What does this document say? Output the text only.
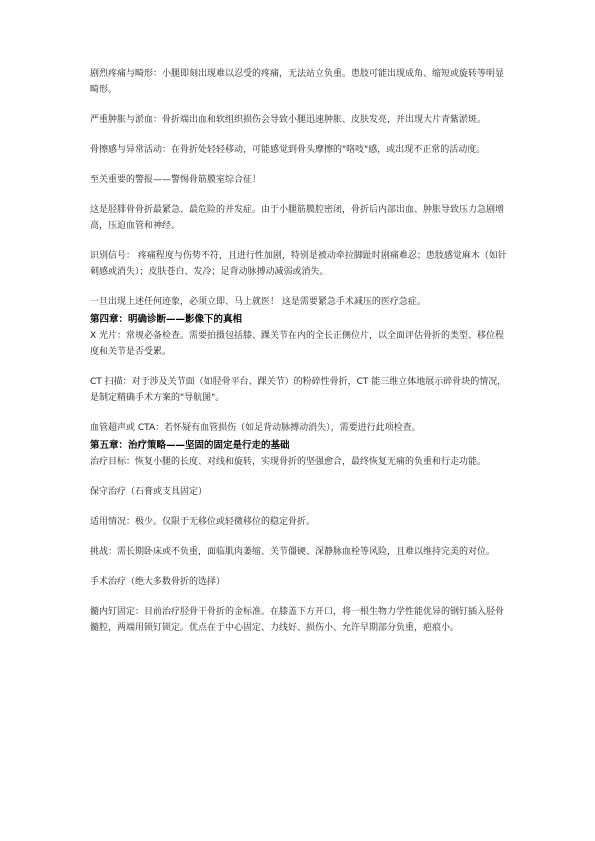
剧烈疼痛与畸形：小腿即刻出现难以忍受的疼痛，无法站立负重。患肢可能出现成角、缩短或旋转等明显畸形。

严重肿胀与淤血：骨折端出血和软组织损伤会导致小腿迅速肿胀、皮肤发亮，并出现大片青紫淤斑。

骨擦感与异常活动：在骨折处轻轻移动，可能感觉到骨头摩擦的"咯吱"感，或出现不正常的活动度。

至关重要的警报——警惕骨筋膜室综合征！

这是胫腓骨骨折最紧急、最危险的并发症。由于小腿筋膜腔密闭，骨折后内部出血、肿胀导致压力急剧增高，压迫血管和神经。

识别信号： 疼痛程度与伤势不符，且进行性加剧，特别是被动牵拉脚趾时剧痛难忍；患肢感觉麻木（如针刺感或消失）；皮肤苍白、发冷；足背动脉搏动减弱或消失。

一旦出现上述任何迹象，必须立即、马上就医！ 这是需要紧急手术减压的医疗急症。

第四章：明确诊断——影像下的真相

X 光片：常规必备检查。需要拍摄包括膝、踝关节在内的全长正侧位片，以全面评估骨折的类型、移位程度和关节是否受累。

CT 扫描：对于涉及关节面（如胫骨平台、踝关节）的粉碎性骨折，CT 能三维立体地展示碎骨块的情况，是制定精确手术方案的"导航图"。

血管超声或 CTA：若怀疑有血管损伤（如足背动脉搏动消失），需要进行此项检查。

第五章：治疗策略——坚固的固定是行走的基础

治疗目标：恢复小腿的长度、对线和旋转，实现骨折的坚强愈合，最终恢复无痛的负重和行走功能。

保守治疗（石膏或支具固定）

适用情况：极少。仅限于无移位或轻微移位的稳定骨折。

挑战：需长期卧床或不负重，面临肌肉萎缩、关节僵硬、深静脉血栓等风险，且难以维持完美的对位。

手术治疗（绝大多数骨折的选择）

髓内钉固定：目前治疗胫骨干骨折的金标准。在膝盖下方开口，将一根生物力学性能优异的钢钉插入胫骨髓腔，两端用锁钉锁定。优点在于中心固定、力线好、损伤小、允许早期部分负重，疤痕小。
